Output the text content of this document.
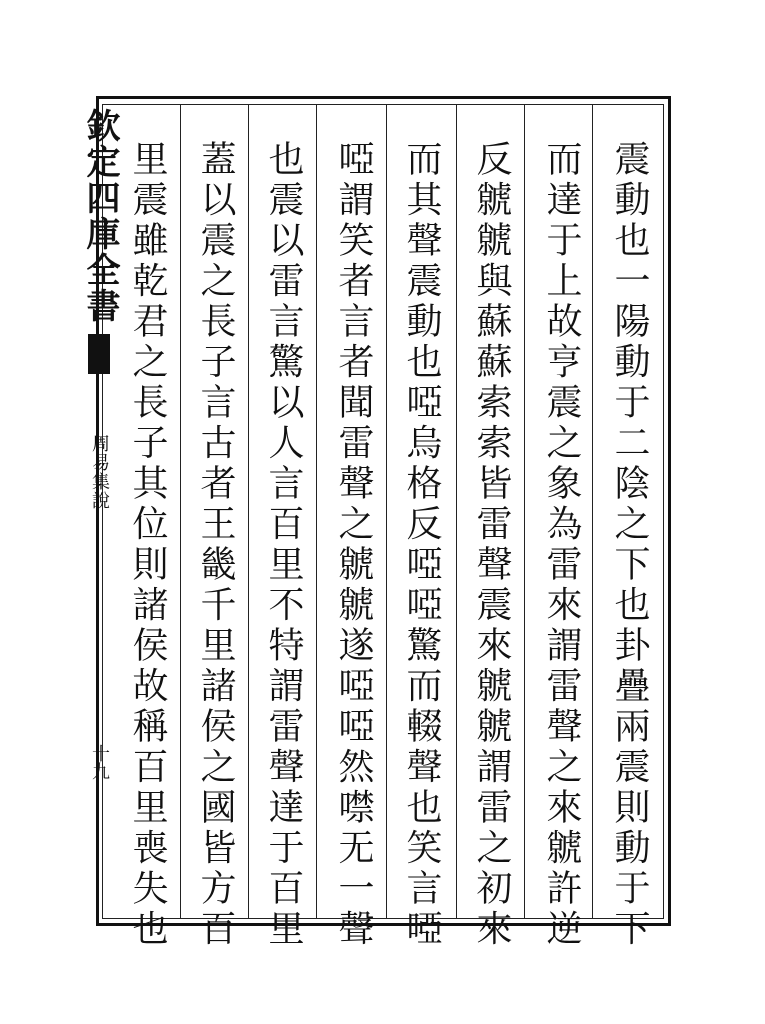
欽定四庫全書
周易集說
十九	震動也一陽動于二陰之下也卦疊兩震則動于下
而達于上故亨震之象為雷來謂雷聲之來虩許逆
反虩虩與蘇蘇索索皆雷聲震來虩虩謂雷之初來
而其聲震動也啞烏格反啞啞驚而輟聲也笑言啞
啞謂笑者言者聞雷聲之虩虩遂啞啞然噤无一聲
也震以雷言驚以人言百里不特謂雷聲達于百里
蓋以震之長子言古者王畿千里諸侯之國皆方百
里震雖乾君之長子其位則諸侯故稱百里喪失也
